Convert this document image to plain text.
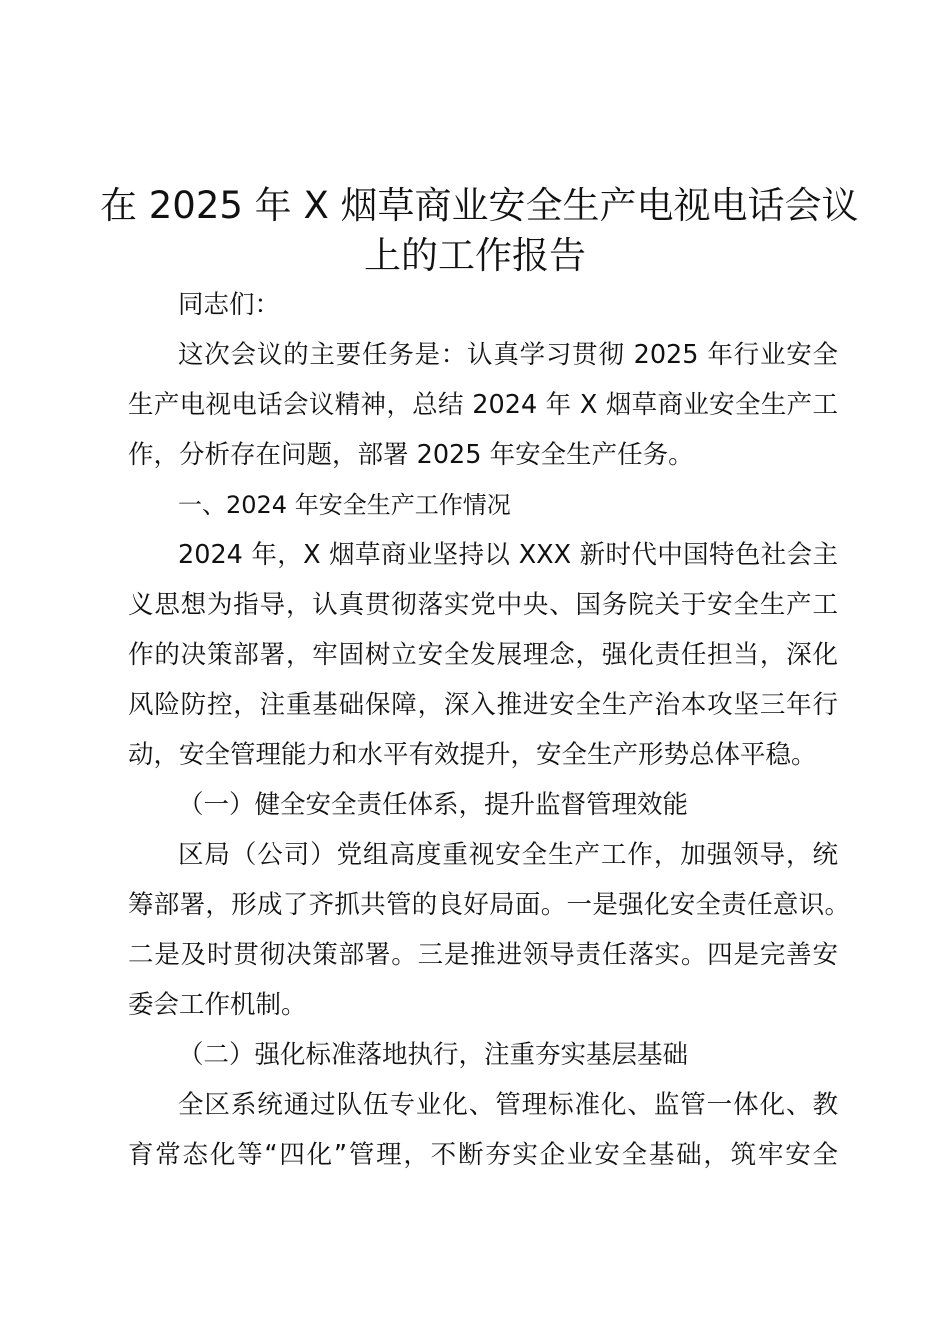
在 2025 年 X 烟草商业安全生产电视电话会议
上的工作报告

同志们：

这次会议的主要任务是：认真学习贯彻 2025 年行业安全

生产电视电话会议精神，总结 2024 年 X 烟草商业安全生产工

作，分析存在问题，部署 2025 年安全生产任务。

一、2024 年安全生产工作情况

2024 年，X 烟草商业坚持以 XXX 新时代中国特色社会主

义思想为指导，认真贯彻落实党中央、国务院关于安全生产工

作的决策部署，牢固树立安全发展理念，强化责任担当，深化

风险防控，注重基础保障，深入推进安全生产治本攻坚三年行

动，安全管理能力和水平有效提升，安全生产形势总体平稳。

（一）健全安全责任体系，提升监督管理效能

区局（公司）党组高度重视安全生产工作，加强领导，统

筹部署，形成了齐抓共管的良好局面。一是强化安全责任意识。

二是及时贯彻决策部署。三是推进领导责任落实。四是完善安

委会工作机制。

（二）强化标准落地执行，注重夯实基层基础

全区系统通过队伍专业化、管理标准化、监管一体化、教

育常态化等“四化”管理，不断夯实企业安全基础，筑牢安全
